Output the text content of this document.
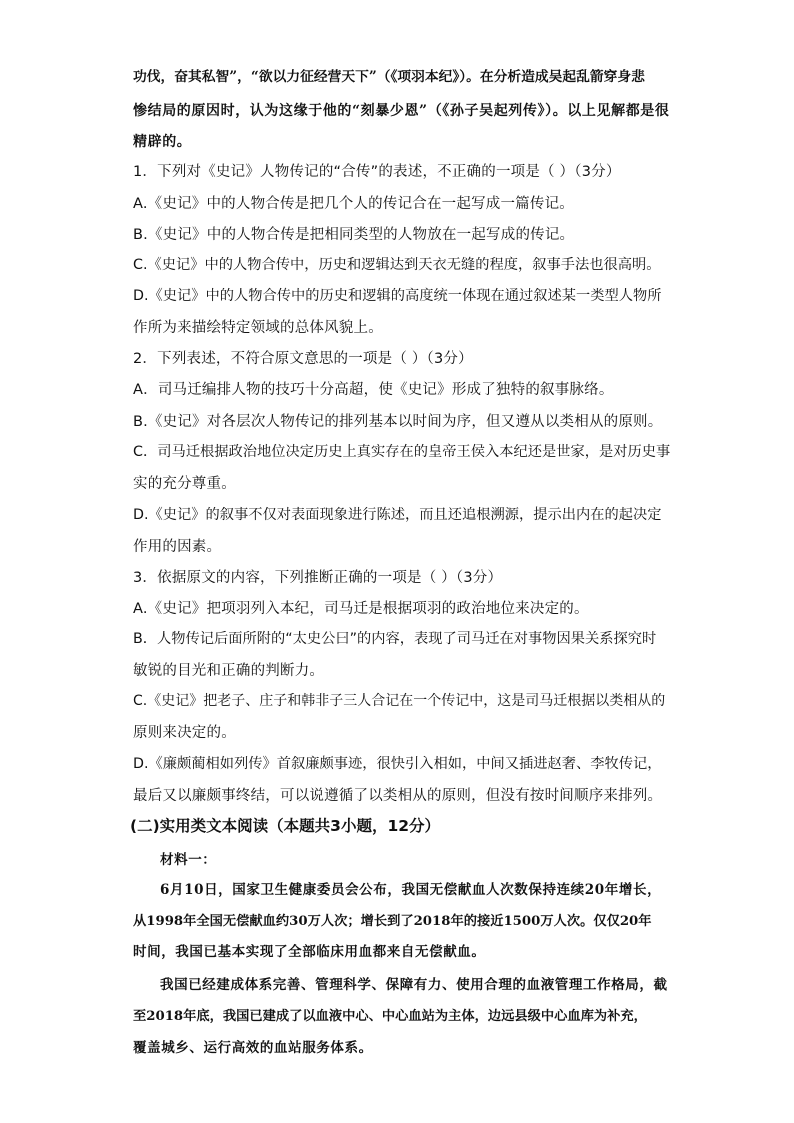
功伐，奋其私智”，“欲以力征经营天下”（《项羽本纪》）。在分析造成吴起乱箭穿身悲
惨结局的原因时，认为这缘于他的“刻暴少恩”（《孙子吴起列传》）。以上见解都是很
精辟的。
1．下列对《史记》人物传记的“合传”的表述，不正确的一项是（ ）（3分）
A.《史记》中的人物合传是把几个人的传记合在一起写成一篇传记。
B.《史记》中的人物合传是把相同类型的人物放在一起写成的传记。
C.《史记》中的人物合传中，历史和逻辑达到天衣无缝的程度，叙事手法也很高明。
D.《史记》中的人物合传中的历史和逻辑的高度统一体现在通过叙述某一类型人物所
作所为来描绘特定领域的总体风貌上。
2．下列表述，不符合原文意思的一项是（ ）（3分）
A．司马迁编排人物的技巧十分高超，使《史记》形成了独特的叙事脉络。
B.《史记》对各层次人物传记的排列基本以时间为序，但又遵从以类相从的原则。
C．司马迁根据政治地位决定历史上真实存在的皇帝王侯入本纪还是世家，是对历史事
实的充分尊重。
D.《史记》的叙事不仅对表面现象进行陈述，而且还追根溯源，提示出内在的起决定
作用的因素。
3．依据原文的内容，下列推断正确的一项是（ ）（3分）
A.《史记》把项羽列入本纪，司马迁是根据项羽的政治地位来决定的。
B．人物传记后面所附的“太史公曰”的内容，表现了司马迁在对事物因果关系探究时
敏锐的目光和正确的判断力。
C.《史记》把老子、庄子和韩非子三人合记在一个传记中，这是司马迁根据以类相从的
原则来决定的。
D.《廉颇蔺相如列传》首叙廉颇事迹，很快引入相如，中间又插进赵奢、李牧传记，
最后又以廉颇事终结，可以说遵循了以类相从的原则，但没有按时间顺序来排列。
(二)实用类文本阅读（本题共3小题，12分）
材料一：
6月10日，国家卫生健康委员会公布，我国无偿献血人次数保持连续20年增长，
从1998年全国无偿献血约30万人次；增长到了2018年的接近1500万人次。仅仅20年
时间，我国已基本实现了全部临床用血都来自无偿献血。
我国已经建成体系完善、管理科学、保障有力、使用合理的血液管理工作格局，截
至2018年底，我国已建成了以血液中心、中心血站为主体，边远县级中心血库为补充，
覆盖城乡、运行高效的血站服务体系。
